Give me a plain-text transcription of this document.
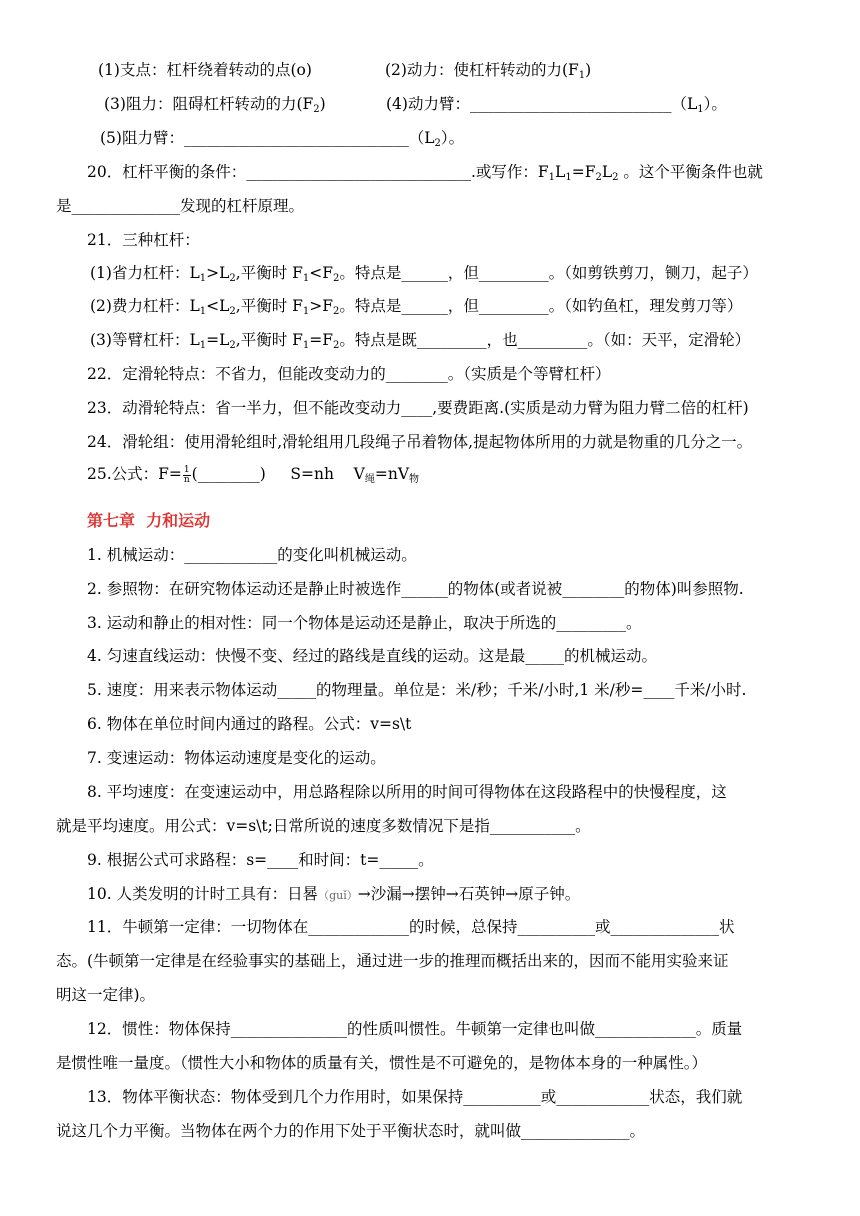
(1)支点：杠杆绕着转动的点(o)	(2)动力：使杠杆转动的力$(F_1)$
(3)阻力：阻碍杠杆转动的力$(F_2)$	(4)动力臂：$\_\_\_\_\_\_\_\_\_\_\_\_\_\_\_\_\_\_\_\_\_\_\_\_\_\_(L_1)$。
(5)阻力臂：$\_\_\_\_\_\_\_\_\_\_\_\_\_\_\_\_\_\_\_\_\_\_\_\_\_\_\_\_\_(L_2)$。
20．杠杆平衡的条件：_____________________________.或写作：$F_1L_1=F_2L_2$ 。这个平衡条件也就
是______________发现的杠杆原理。
21．三种杠杆：
(1)省力杠杆：$L_1>L_2$,平衡时 $F_1<F_2$。特点是______，但_________。（如剪铁剪刀，铡刀，起子）
(2)费力杠杆：$L_1<L_2$,平衡时 $F_1>F_2$。特点是______，但_________。（如钓鱼杠，理发剪刀等）
(3)等臂杠杆：$L_1=L_2$,平衡时 $F_1=F_2$。特点是既_________，也_________。（如：天平，定滑轮）
22．定滑轮特点：不省力，但能改变动力的________。（实质是个等臂杠杆）
23．动滑轮特点：省一半力，但不能改变动力____,要费距离.(实质是动力臂为阻力臂二倍的杠杆)
24．滑轮组：使用滑轮组时,滑轮组用几段绳子吊着物体,提起物体所用的力就是物重的几分之一。
25.公式：$F= \frac{1}{n}$ (________)     S=nh    $V_绳=nV_物$
第七章  力和运动
1. 机械运动：____________的变化叫机械运动。
2. 参照物：在研究物体运动还是静止时被选作______的物体(或者说被________的物体)叫参照物.
3. 运动和静止的相对性：同一个物体是运动还是静止，取决于所选的_________。
4. 匀速直线运动：快慢不变、经过的路线是直线的运动。这是最_____的机械运动。
5. 速度：用来表示物体运动_____的物理量。单位是：米/秒；千米/小时,1 米/秒=____千米/小时.
6. 物体在单位时间内通过的路程。公式：v=s\t
7. 变速运动：物体运动速度是变化的运动。
8. 平均速度：在变速运动中，用总路程除以所用的时间可得物体在这段路程中的快慢程度，这
就是平均速度。用公式：v=s\t;日常所说的速度多数情况下是指___________。
9. 根据公式可求路程：s=____和时间：t=_____。
10. 人类发明的计时工具有：日晷（guǐ）→沙漏→摆钟→石英钟→原子钟。
11．牛顿第一定律：一切物体在_____________的时候，总保持__________或______________状
态。(牛顿第一定律是在经验事实的基础上，通过进一步的推理而概括出来的，因而不能用实验来证
明这一定律)。
12．惯性：物体保持_______________的性质叫惯性。牛顿第一定律也叫做_____________。质量
是惯性唯一量度。（惯性大小和物体的质量有关，惯性是不可避免的，是物体本身的一种属性。）
13．物体平衡状态：物体受到几个力作用时，如果保持__________或____________状态，我们就
说这几个力平衡。当物体在两个力的作用下处于平衡状态时，就叫做______________。
